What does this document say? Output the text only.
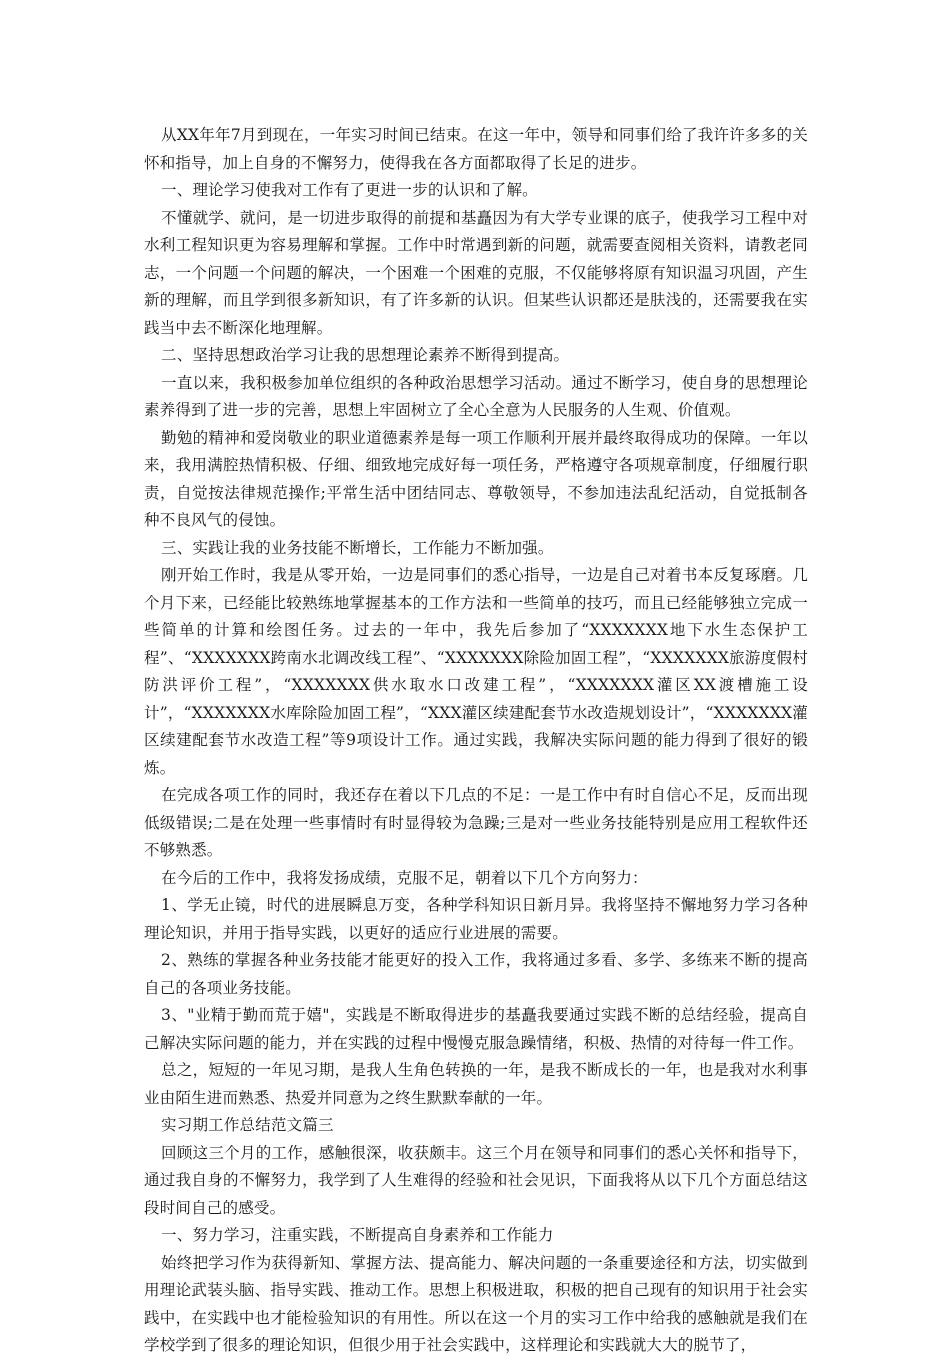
从XX年年7月到现在，一年实习时间已结束。在这一年中，领导和同事们给了我许许多多的关怀和指导，加上自身的不懈努力，使得我在各方面都取得了长足的进步。

一、理论学习使我对工作有了更进一步的认识和了解。

不懂就学、就问，是一切进步取得的前提和基矗因为有大学专业课的底子，使我学习工程中对水利工程知识更为容易理解和掌握。工作中时常遇到新的问题，就需要查阅相关资料，请教老同志，一个问题一个问题的解决，一个困难一个困难的克服，不仅能够将原有知识温习巩固，产生新的理解，而且学到很多新知识，有了许多新的认识。但某些认识都还是肤浅的，还需要我在实践当中去不断深化地理解。

二、坚持思想政治学习让我的思想理论素养不断得到提高。

一直以来，我积极参加单位组织的各种政治思想学习活动。通过不断学习，使自身的思想理论素养得到了进一步的完善，思想上牢固树立了全心全意为人民服务的人生观、价值观。

勤勉的精神和爱岗敬业的职业道德素养是每一项工作顺利开展并最终取得成功的保障。一年以来，我用满腔热情积极、仔细、细致地完成好每一项任务，严格遵守各项规章制度，仔细履行职责，自觉按法律规范操作;平常生活中团结同志、尊敬领导，不参加违法乱纪活动，自觉抵制各种不良风气的侵蚀。

三、实践让我的业务技能不断增长，工作能力不断加强。

刚开始工作时，我是从零开始，一边是同事们的悉心指导，一边是自己对着书本反复琢磨。几个月下来，已经能比较熟练地掌握基本的工作方法和一些简单的技巧，而且已经能够独立完成一些简单的计算和绘图任务。过去的一年中，我先后参加了“XXXXXXX地下水生态保护工程”、“XXXXXXX跨南水北调改线工程”、“XXXXXXX除险加固工程”，“XXXXXXX旅游度假村防洪评价工程”，“XXXXXXX供水取水口改建工程”，“XXXXXXX灌区XX渡槽施工设计”，“XXXXXXX水库除险加固工程”，“XXX灌区续建配套节水改造规划设计”，“XXXXXXX灌区续建配套节水改造工程”等9项设计工作。通过实践，我解决实际问题的能力得到了很好的锻炼。

在完成各项工作的同时，我还存在着以下几点的不足：一是工作中有时自信心不足，反而出现低级错误;二是在处理一些事情时有时显得较为急躁;三是对一些业务技能特别是应用工程软件还不够熟悉。

在今后的工作中，我将发扬成绩，克服不足，朝着以下几个方向努力：

1、学无止镜，时代的进展瞬息万变，各种学科知识日新月异。我将坚持不懈地努力学习各种理论知识，并用于指导实践，以更好的适应行业进展的需要。

2、熟练的掌握各种业务技能才能更好的投入工作，我将通过多看、多学、多练来不断的提高自己的各项业务技能。

3、"业精于勤而荒于嬉"，实践是不断取得进步的基矗我要通过实践不断的总结经验，提高自己解决实际问题的能力，并在实践的过程中慢慢克服急躁情绪，积极、热情的对待每一件工作。

总之，短短的一年见习期，是我人生角色转换的一年，是我不断成长的一年，也是我对水利事业由陌生进而熟悉、热爱并同意为之终生默默奉献的一年。

实习期工作总结范文篇三

回顾这三个月的工作，感触很深，收获颇丰。这三个月在领导和同事们的悉心关怀和指导下，通过我自身的不懈努力，我学到了人生难得的经验和社会见识，下面我将从以下几个方面总结这段时间自己的感受。

一、努力学习，注重实践，不断提高自身素养和工作能力

始终把学习作为获得新知、掌握方法、提高能力、解决问题的一条重要途径和方法，切实做到用理论武装头脑、指导实践、推动工作。思想上积极进取，积极的把自己现有的知识用于社会实践中，在实践中也才能检验知识的有用性。所以在这一个月的实习工作中给我的感触就是我们在学校学到了很多的理论知识，但很少用于社会实践中，这样理论和实践就大大的脱节了，
